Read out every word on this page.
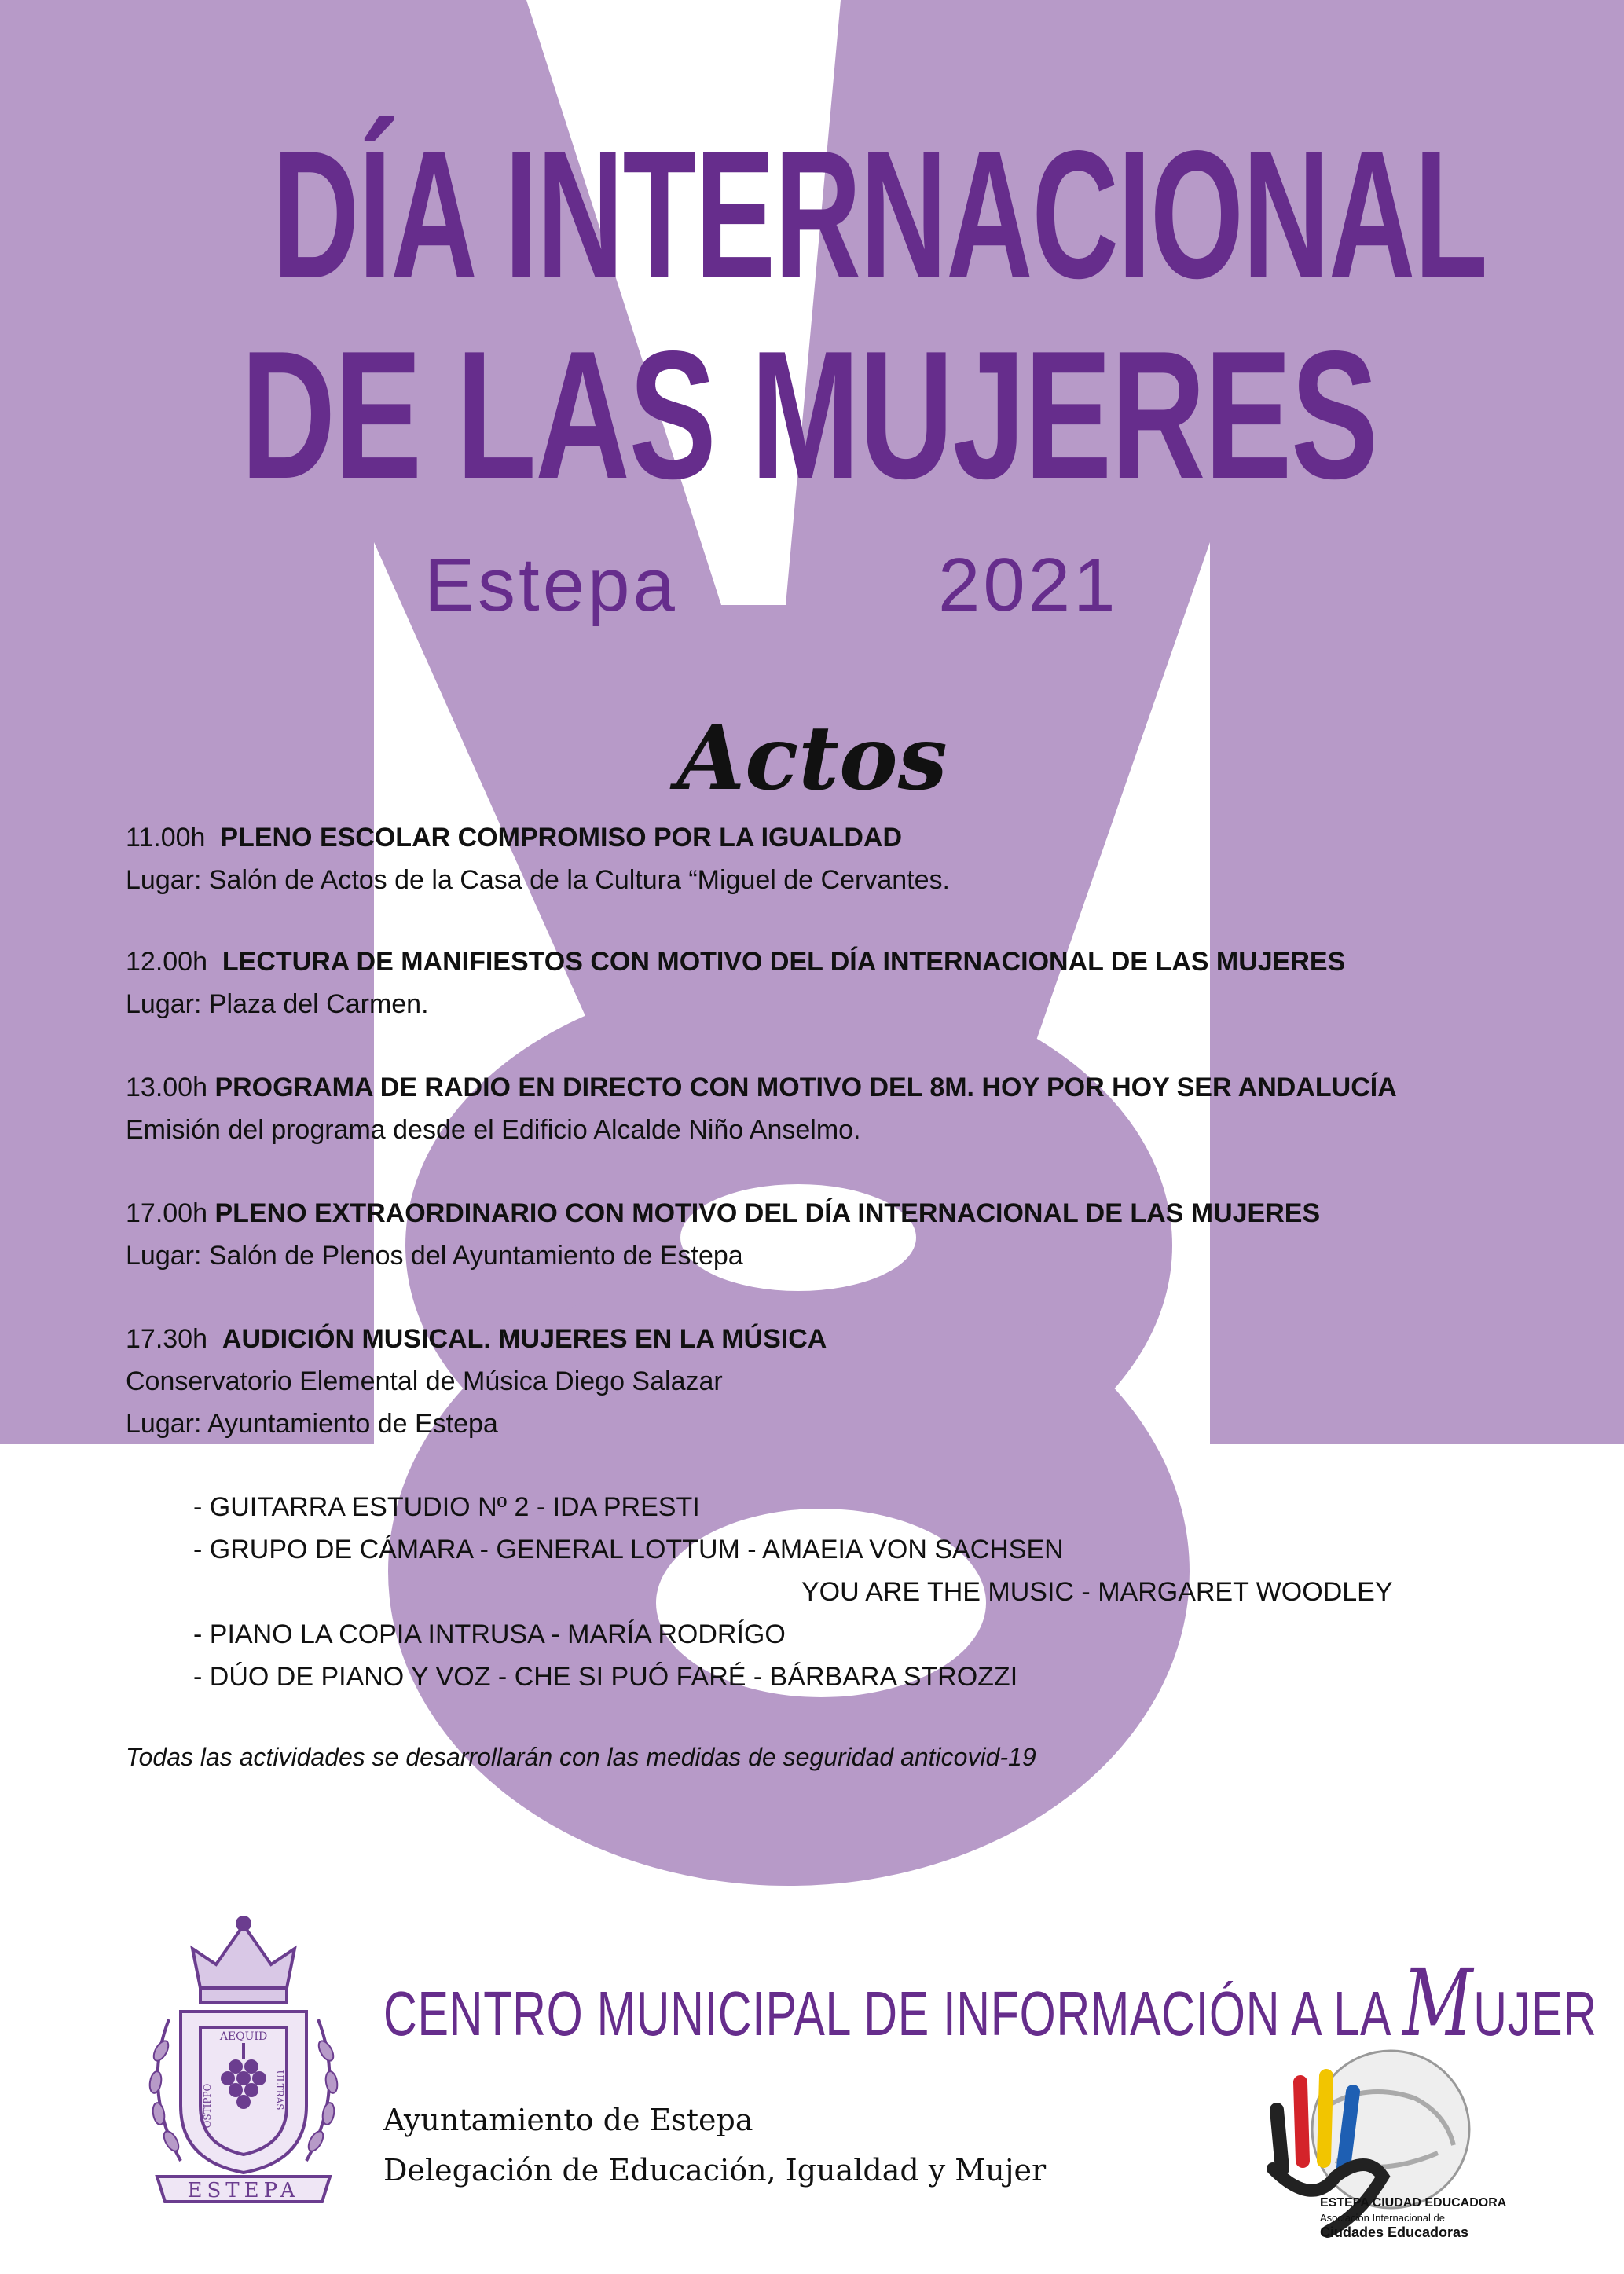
DÍA INTERNACIONAL
DE LAS MUJERES
Estepa	2021
Actos
11.00h PLENO ESCOLAR COMPROMISO POR LA IGUALDAD
Lugar: Salón de Actos de la Casa de la Cultura “Miguel de Cervantes.
12.00h LECTURA DE MANIFIESTOS CON MOTIVO DEL DÍA INTERNACIONAL DE LAS MUJERES
Lugar: Plaza del Carmen.
13.00h PROGRAMA DE RADIO EN DIRECTO CON MOTIVO DEL 8M. HOY POR HOY SER ANDALUCÍA
Emisión del programa desde el Edificio Alcalde Niño Anselmo.
17.00h PLENO EXTRAORDINARIO CON MOTIVO DEL DÍA INTERNACIONAL DE LAS MUJERES
Lugar: Salón de Plenos del Ayuntamiento de Estepa
17.30h AUDICIÓN MUSICAL. MUJERES EN LA MÚSICA
Conservatorio Elemental de Música Diego Salazar
Lugar: Ayuntamiento de Estepa
- GUITARRA ESTUDIO Nº 2 - IDA PRESTI
- GRUPO DE CÁMARA - GENERAL LOTTUM - AMAEIA VON SACHSEN
YOU ARE THE MUSIC - MARGARET WOODLEY
- PIANO LA COPIA INTRUSA - MARÍA RODRÍGO
- DÚO DE PIANO Y VOZ - CHE SI PUÓ FARÉ - BÁRBARA STROZZI
Todas las actividades se desarrollarán con las medidas de seguridad anticovid-19
AEQUID
OSTIPPO	ULTRAS
ESTEPA
CENTRO MUNICIPAL DE INFORMACIÓN A LA MUJER
Ayuntamiento de Estepa
Delegación de Educación, Igualdad y Mujer
ESTEPA CIUDAD EDUCADORA
Asociación Internacional de
Ciudades Educadoras
